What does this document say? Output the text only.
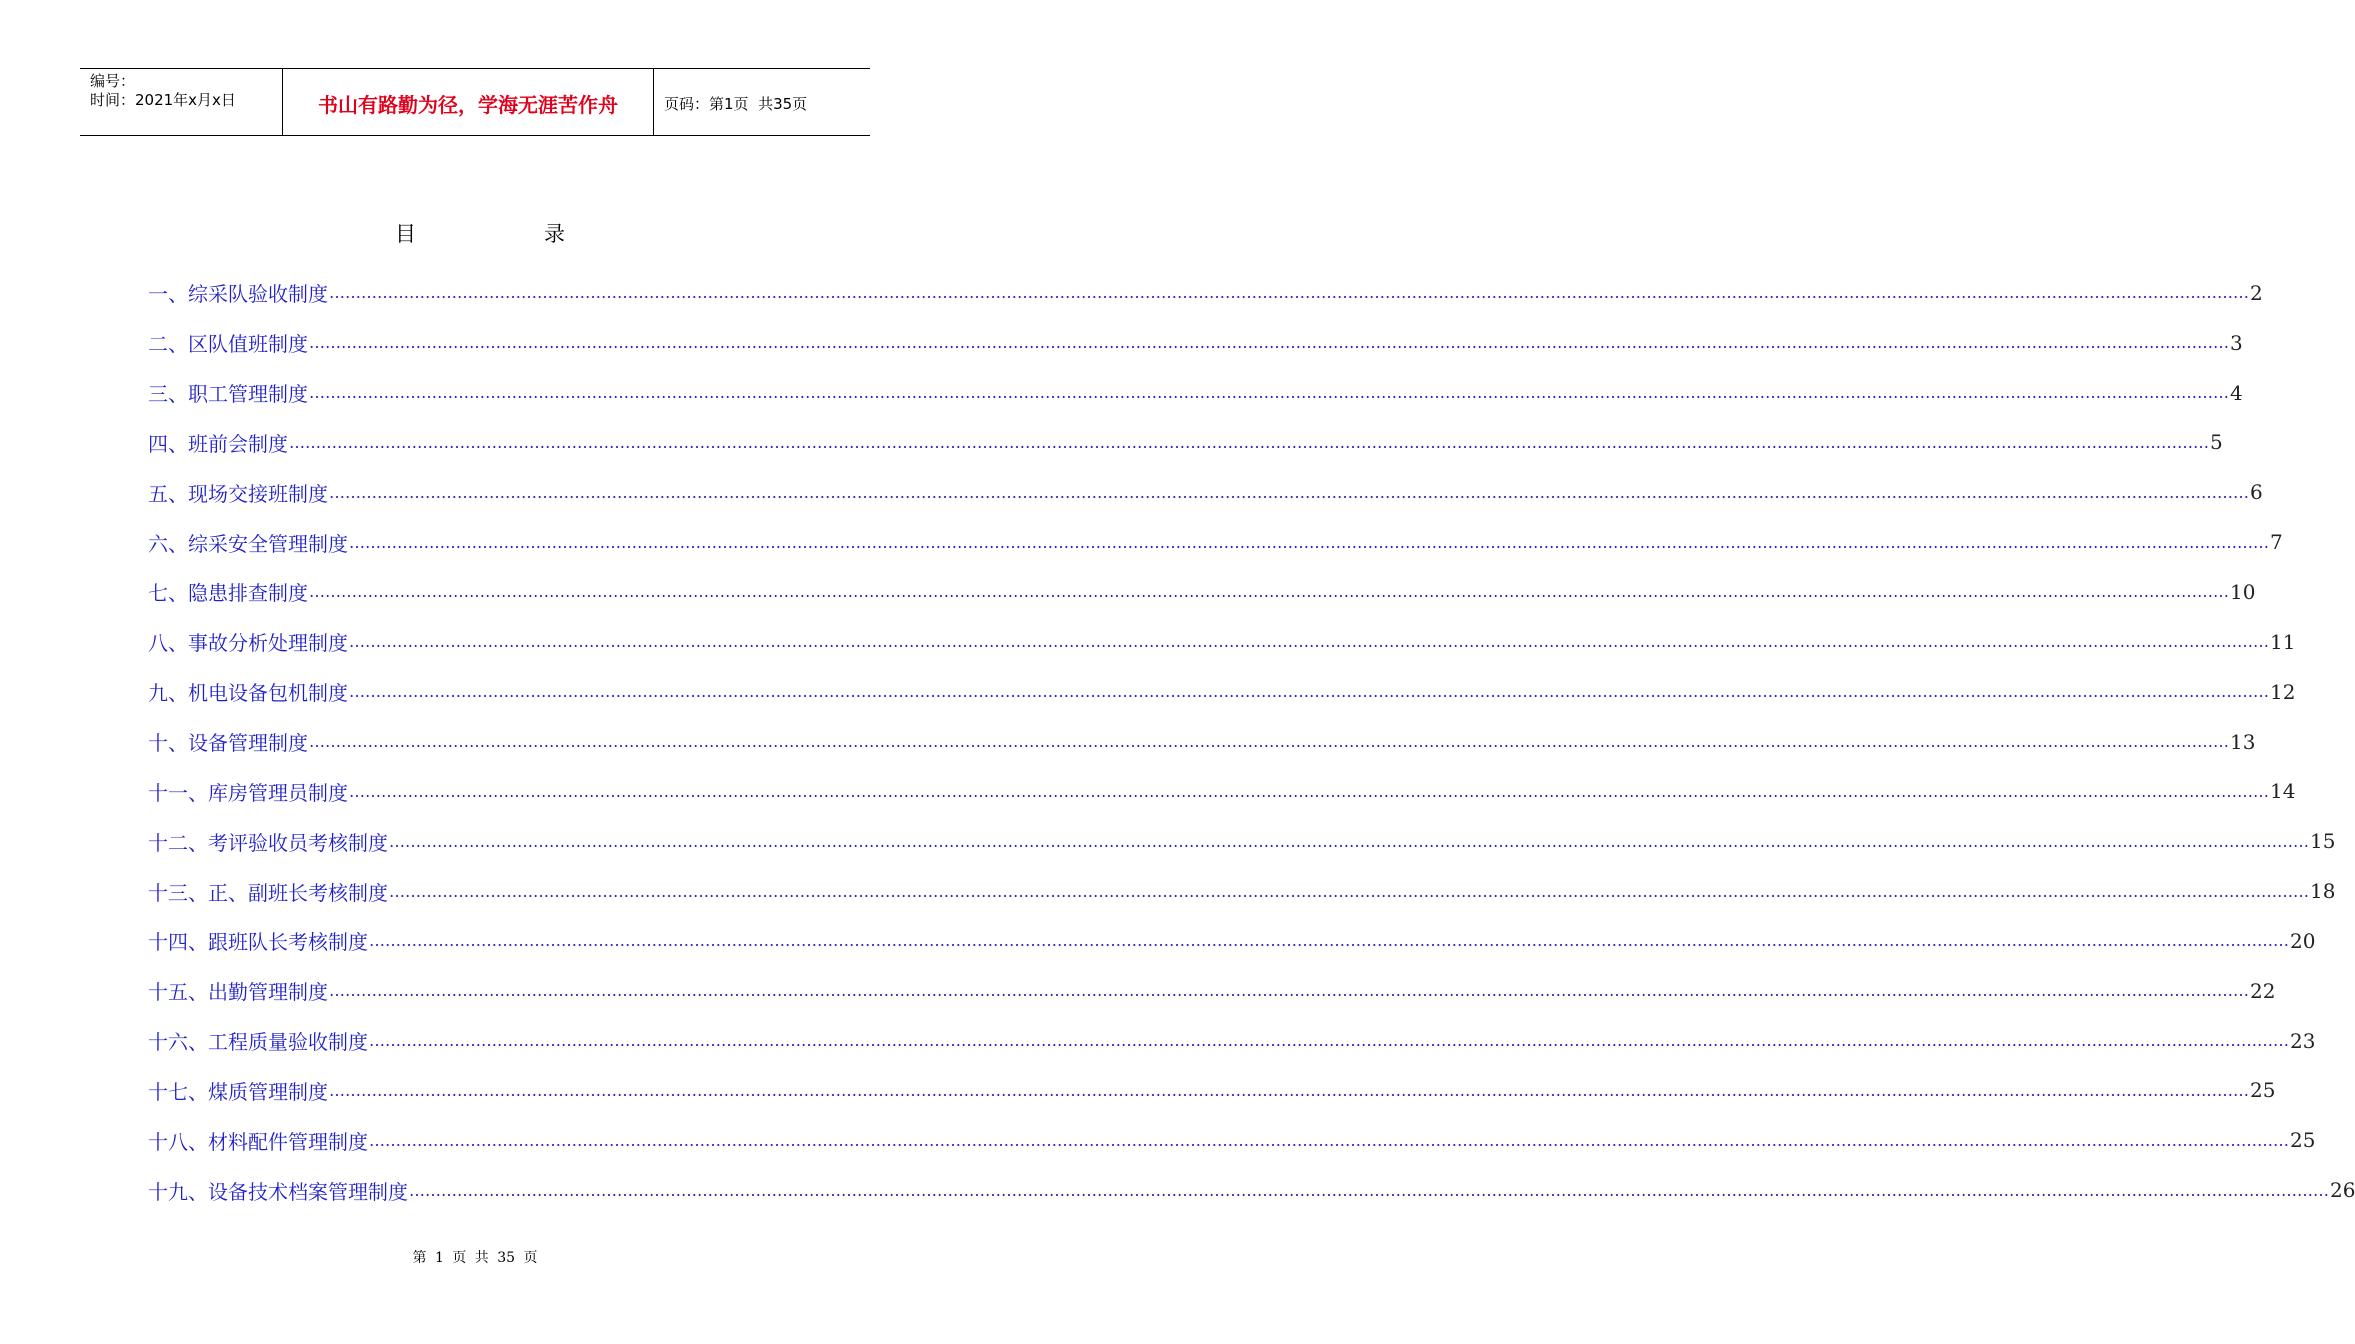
编号：
时间：2021年x月x日	书山有路勤为径，学海无涯苦作舟	页码：第1页  共35页
目	录
一、综采队验收制度 ……………………………………………………………………………………………………………………………………………………………………………………………………………………………………………………………………………………………………………………………… 2
二、区队值班制度 ……………………………………………………………………………………………………………………………………………………………………………………………………………………………………………………………………………………………………………………………… 3
三、职工管理制度 ……………………………………………………………………………………………………………………………………………………………………………………………………………………………………………………………………………………………………………………………… 4
四、班前会制度 ……………………………………………………………………………………………………………………………………………………………………………………………………………………………………………………………………………………………………………………………… 5
五、现场交接班制度 ……………………………………………………………………………………………………………………………………………………………………………………………………………………………………………………………………………………………………………………………… 6
六、综采安全管理制度 ……………………………………………………………………………………………………………………………………………………………………………………………………………………………………………………………………………………………………………………………… 7
七、隐患排查制度 ……………………………………………………………………………………………………………………………………………………………………………………………………………………………………………………………………………………………………………………………… 10
八、事故分析处理制度 ……………………………………………………………………………………………………………………………………………………………………………………………………………………………………………………………………………………………………………………………… 11
九、机电设备包机制度 ……………………………………………………………………………………………………………………………………………………………………………………………………………………………………………………………………………………………………………………………… 12
十、设备管理制度 ……………………………………………………………………………………………………………………………………………………………………………………………………………………………………………………………………………………………………………………………… 13
十一、库房管理员制度 ……………………………………………………………………………………………………………………………………………………………………………………………………………………………………………………………………………………………………………………………… 14
十二、考评验收员考核制度 ……………………………………………………………………………………………………………………………………………………………………………………………………………………………………………………………………………………………………………………………… 15
十三、正、副班长考核制度 ……………………………………………………………………………………………………………………………………………………………………………………………………………………………………………………………………………………………………………………………… 18
十四、跟班队长考核制度 ……………………………………………………………………………………………………………………………………………………………………………………………………………………………………………………………………………………………………………………………… 20
十五、出勤管理制度 ……………………………………………………………………………………………………………………………………………………………………………………………………………………………………………………………………………………………………………………………… 22
十六、工程质量验收制度 ……………………………………………………………………………………………………………………………………………………………………………………………………………………………………………………………………………………………………………………………… 23
十七、煤质管理制度 ……………………………………………………………………………………………………………………………………………………………………………………………………………………………………………………………………………………………………………………………… 25
十八、材料配件管理制度 ……………………………………………………………………………………………………………………………………………………………………………………………………………………………………………………………………………………………………………………………… 25
十九、设备技术档案管理制度 ……………………………………………………………………………………………………………………………………………………………………………………………………………………………………………………………………………………………………………………………… 26
第 1 页 共 35 页
